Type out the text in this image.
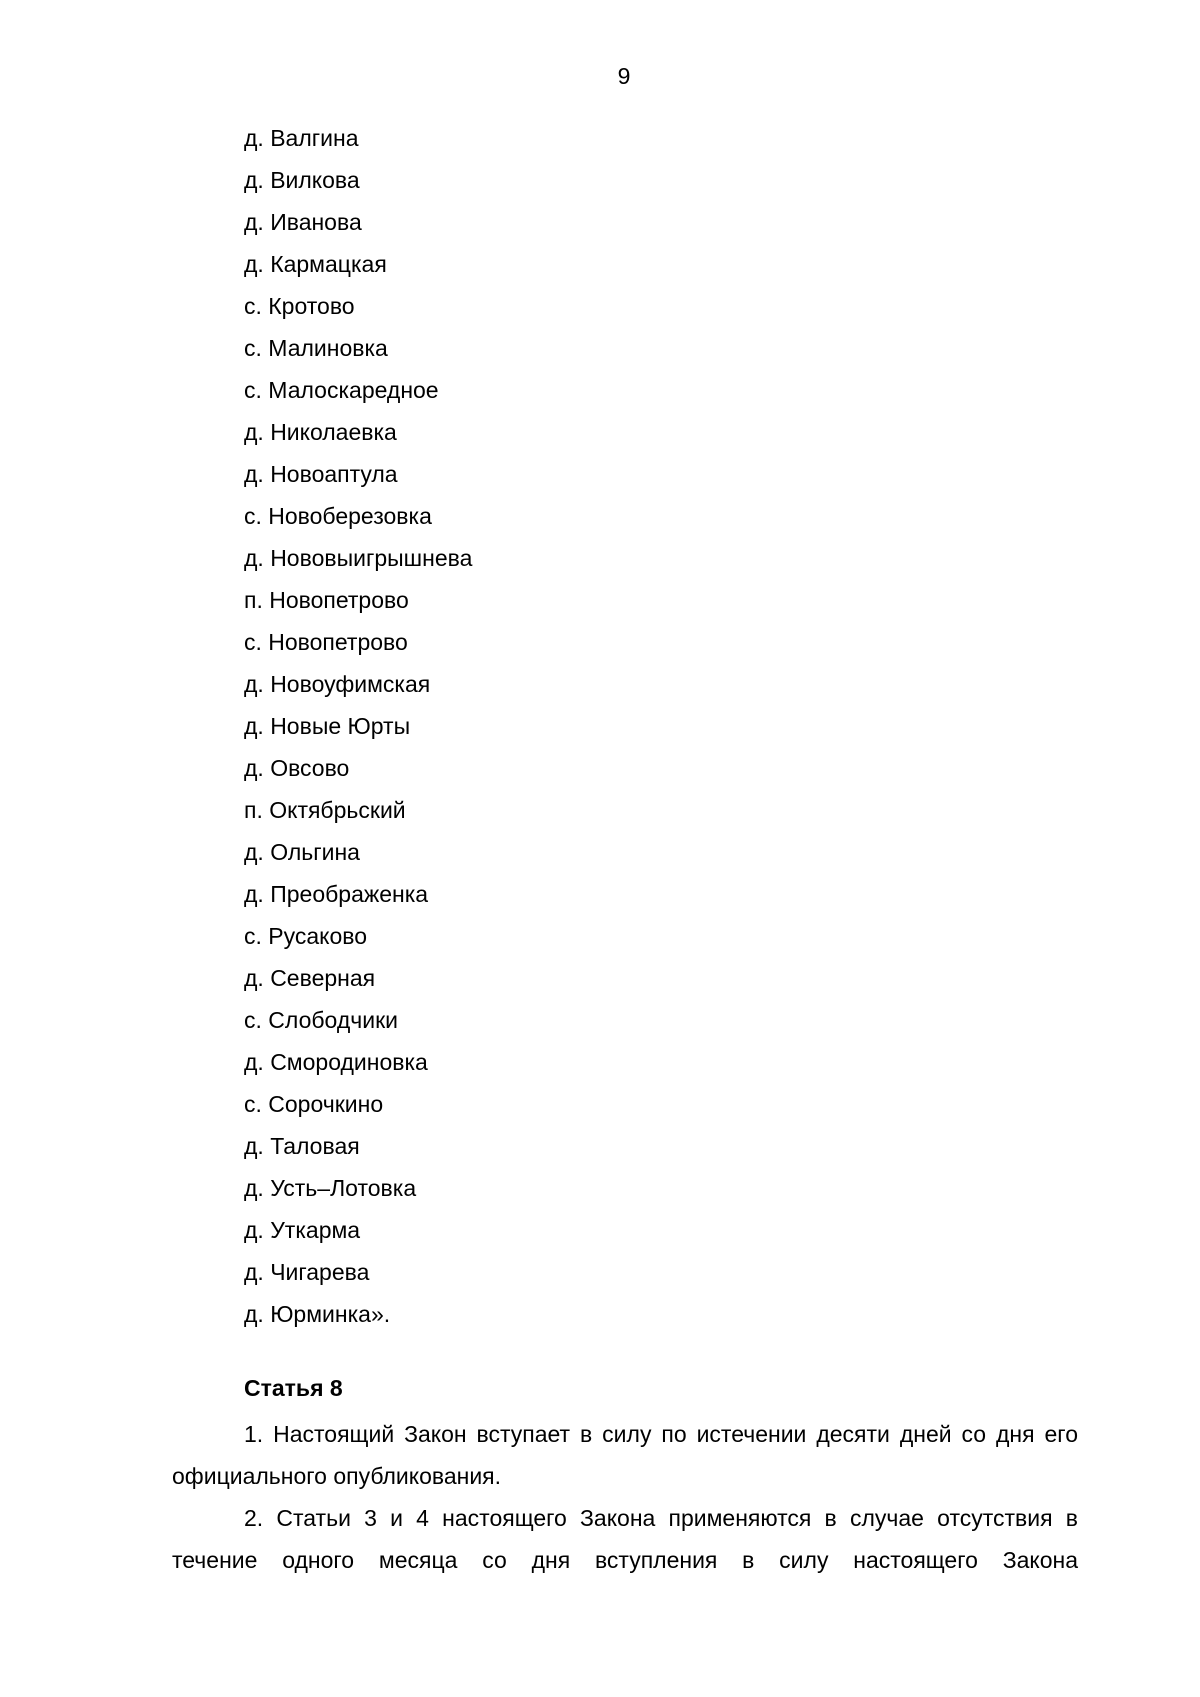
9
д. Валгина
д. Вилкова
д. Иванова
д. Кармацкая
с. Кротово
с. Малиновка
с. Малоскаредное
д. Николаевка
д. Новоаптула
с. Новоберезовка
д. Нововыигрышнева
п. Новопетрово
с. Новопетрово
д. Новоуфимская
д. Новые Юрты
д. Овсово
п. Октябрьский
д. Ольгина
д. Преображенка
с. Русаково
д. Северная
с. Слободчики
д. Смородиновка
с. Сорочкино
д. Таловая
д. Усть–Лотовка
д. Уткарма
д. Чигарева
д. Юрминка».
Статья 8

1. Настоящий Закон вступает в силу по истечении десяти дней со дня его официального опубликования.

2. Статьи 3 и 4 настоящего Закона применяются в случае отсутствия в течение одного месяца со дня вступления в силу настоящего Закона
